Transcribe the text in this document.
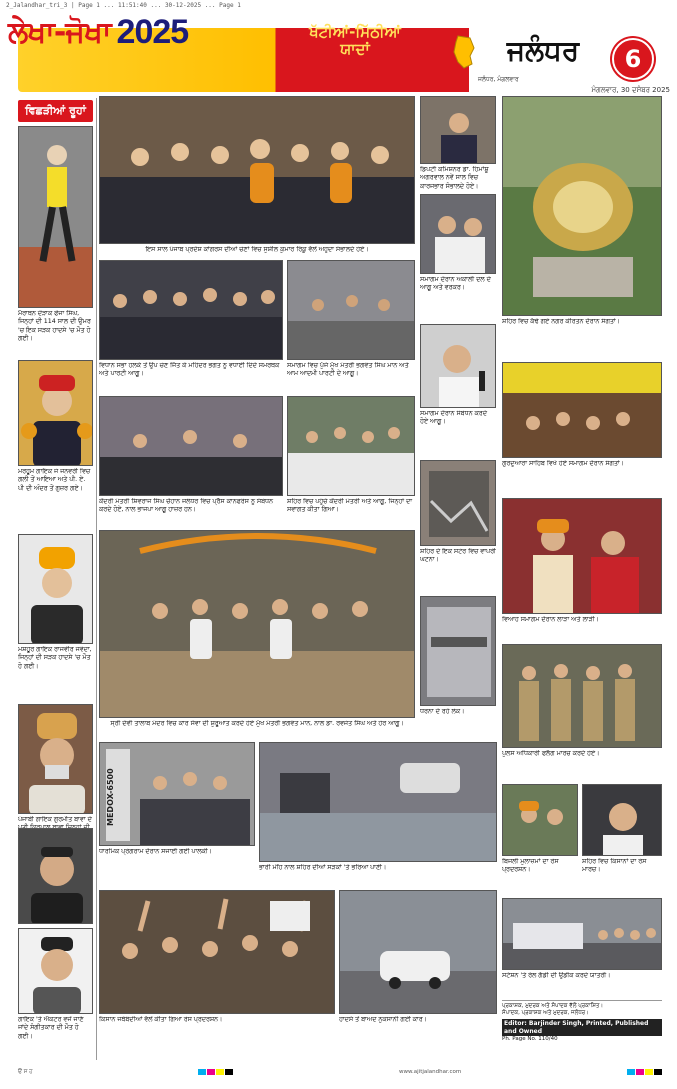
2_Jalandhar_tri_3 | Page 1 ... 11:51:40 ... 30-12-2025 ... Page 1
ਲੇਖਾ-ਜੋਖਾ 2025	ਜ਼ਿਲ੍ਹਾ ਜਲੰਧਰ ਦੀਆਂ
ਖੱਟੀਆਂ-ਮਿੱਠੀਆਂ
ਯਾਦਾਂ	ਜਲੰਧਰ	6
ਜਲੰਧਰ, ਮੰਗਲਵਾਰ
ਮੰਗਲਵਾਰ, 30 ਦਸੰਬਰ 2025
ਵਿਛੜੀਆਂ ਰੂਹਾਂ
ਮੈਰਾਥਨ ਦੌੜਾਕ ਫੌਜਾ ਸਿੰਘ, ਜਿਨ੍ਹਾਂ ਦੀ 114 ਸਾਲ ਦੀ ਉਮਰ 'ਚ ਇਕ ਸੜਕ ਹਾਦਸੇ 'ਚ ਮੌਤ ਹੋ ਗਈ।
ਮਰਹੂਮ ਗਾਇਕ ਜੋ ਜਨਵਰੀ ਵਿਚ ਗਲੀ ਤੋਂ ਆਇਆ ਅਤੇ ਪੀ. ਏ. ਪੀ ਦੀ ਅੰਦਰ ਤੋਂ ਗੁਜ਼ਰ ਗਏ।
ਮਸ਼ਹੂਰ ਗਾਇਕ ਰਾਜਵੀਰ ਜਵੰਦਾ, ਜਿਨ੍ਹਾਂ ਦੀ ਸੜਕ ਹਾਦਸੇ 'ਚ ਮੌਤ ਹੋ ਗਈ।
ਪੰਜਾਬੀ ਗਾਇਕ ਗੁਰਮੀਤ ਬਾਵਾ ਦੇ
ਗਾਇਕ 'ਤੇ ਐਕਟਰ ਵਜੋਂ ਜਾਣੇ ਜਾਂਦੇ ਸੰਗੀਤਕਾਰ ਦੀ ਮੌਤ ਹੋ ਗਈ।
ਇਸ ਸਾਲ ਪੰਜਾਬ ਪ੍ਰਦੇਸ਼ ਕਾਂਗਰਸ ਦੀਆਂ ਚੋਣਾਂ ਵਿਚ ਸੁਸ਼ੀਲ ਕੁਮਾਰ ਰਿੰਕੂ ਵੱਲੋਂ ਅਹੁਦਾ ਸੰਭਾਲਦੇ ਹੋਏ।
ਵਿਧਾਨ ਸਭਾ ਹਲਕੇ ਤੋਂ ਉਪ ਚੋਣ ਜਿੱਤ ਕੇ ਮਹਿੰਦਰ ਭਗਤ ਨੂੰ ਵਧਾਈ ਦਿੰਦੇ ਸਮਰਥਕ ਅਤੇ ਪਾਰਟੀ ਆਗੂ।
ਸਮਾਗਮ ਵਿਚ ਪੁੱਜੇ ਮੁੱਖ ਮੰਤਰੀ ਭਗਵੰਤ ਸਿੰਘ ਮਾਨ ਅਤੇ ਆਮ ਆਦਮੀ ਪਾਰਟੀ ਦੇ ਆਗੂ।
ਕੇਂਦਰੀ ਮੰਤਰੀ ਸ਼ਿਵਰਾਜ ਸਿੰਘ ਚੌਹਾਨ ਜਲੰਧਰ ਵਿਚ ਪ੍ਰੈੱਸ ਕਾਨਫਰੰਸ ਨੂੰ ਸੰਬੋਧਨ ਕਰਦੇ ਹੋਏ, ਨਾਲ ਭਾਜਪਾ ਆਗੂ ਹਾਜ਼ਰ ਹਨ।
ਸ਼ਹਿਰ ਵਿਚ ਪਹੁੰਚੇ ਕੇਂਦਰੀ ਮੰਤਰੀ ਅਤੇ ਆਗੂ, ਜਿਨ੍ਹਾਂ ਦਾ ਸਵਾਗਤ ਕੀਤਾ ਗਿਆ।
ਸ੍ਰੀ ਦੇਵੀ ਤਾਲਾਬ ਮੰਦਰ ਵਿਚ ਕਾਰ ਸੇਵਾ ਦੀ ਸ਼ੁਰੂਆਤ ਕਰਦੇ ਹੋਏ ਮੁੱਖ ਮੰਤਰੀ ਭਗਵੰਤ ਮਾਨ, ਨਾਲ ਡਾ. ਰਵਜੋਤ ਸਿੰਘ ਅਤੇ ਹੋਰ ਆਗੂ।
MEDOX-6500
ਧਾਰਮਿਕ ਪ੍ਰੋਗਰਾਮ ਦੌਰਾਨ ਸਜਾਈ ਗਈ ਪਾਲਕੀ।
ਭਾਰੀ ਮੀਂਹ ਨਾਲ ਸ਼ਹਿਰ ਦੀਆਂ ਸੜਕਾਂ 'ਤੇ ਭਰਿਆ ਪਾਣੀ।
ਕਿਸਾਨ ਜਥੇਬੰਦੀਆਂ ਵੱਲੋਂ ਕੀਤਾ ਗਿਆ ਰੋਸ ਪ੍ਰਦਰਸ਼ਨ।	ਹਾਦਸੇ ਤੋਂ ਬਾਅਦ ਨੁਕਸਾਨੀ ਗਈ ਕਾਰ।
ਡਿਪਟੀ ਕਮਿਸ਼ਨਰ ਡਾ. ਹਿਮਾਂਸ਼ੂ ਅਗਰਵਾਲ ਨਵੇਂ ਸਾਲ ਵਿਚ ਕਾਰਜਭਾਰ ਸੰਭਾਲਦੇ ਹੋਏ।
ਸਮਾਗਮ ਦੌਰਾਨ ਅਕਾਲੀ ਦਲ ਦੇ ਆਗੂ ਅਤੇ ਵਰਕਰ।
ਸਮਾਗਮ ਦੌਰਾਨ ਸੰਬੋਧਨ ਕਰਦੇ ਹੋਏ ਆਗੂ।
ਸ਼ਹਿਰ ਦੇ ਇਕ ਸਟੋਰ ਵਿਚ ਵਾਪਰੀ ਘਟਨਾ।
ਧਰਨਾ ਦੇ ਰਹੇ ਲੋਕ।
ਸ਼ਹਿਰ ਵਿਚ ਕੱਢੇ ਗਏ ਨਗਰ ਕੀਰਤਨ ਦੌਰਾਨ ਸੰਗਤਾਂ।
ਗੁਰਦੁਆਰਾ ਸਾਹਿਬ ਵਿਖੇ ਹੋਏ ਸਮਾਗਮ ਦੌਰਾਨ ਸੰਗਤਾਂ।
ਵਿਆਹ ਸਮਾਗਮ ਦੌਰਾਨ ਲਾੜਾ ਅਤੇ ਲਾੜੀ।
ਪੁਲਸ ਅਧਿਕਾਰੀ ਫਲੈਗ ਮਾਰਚ ਕਰਦੇ ਹੋਏ।
ਬਿਜਲੀ ਮੁਲਾਜ਼ਮਾਂ ਦਾ ਰੋਸ ਪ੍ਰਦਰਸ਼ਨ।
ਸ਼ਹਿਰ ਵਿਚ ਕਿਸਾਨਾਂ ਦਾ ਰੋਸ ਮਾਰਚ।
ਸਟੇਸ਼ਨ 'ਤੇ ਰੇਲ ਗੱਡੀ ਦੀ ਉਡੀਕ ਕਰਦੇ ਯਾਤਰੀ।
ਪ੍ਰਕਾਸ਼ਕ, ਮੁਦਰਕ ਅਤੇ ਸੰਪਾਦਕ ਵੱਲੋਂ ਪ੍ਰਕਾਸ਼ਿਤ।
ਸੰਪਾਦਕ, ਪ੍ਰਕਾਸ਼ਕ ਅਤੇ ਮੁਦਰਕ, ਜਲੰਧਰ।
Editor: Barjinder Singh, Printed, Published and Owned
Ph. Page No. 110/40
ੳ ਸ ਹ	www.ajitjalandhar.com
